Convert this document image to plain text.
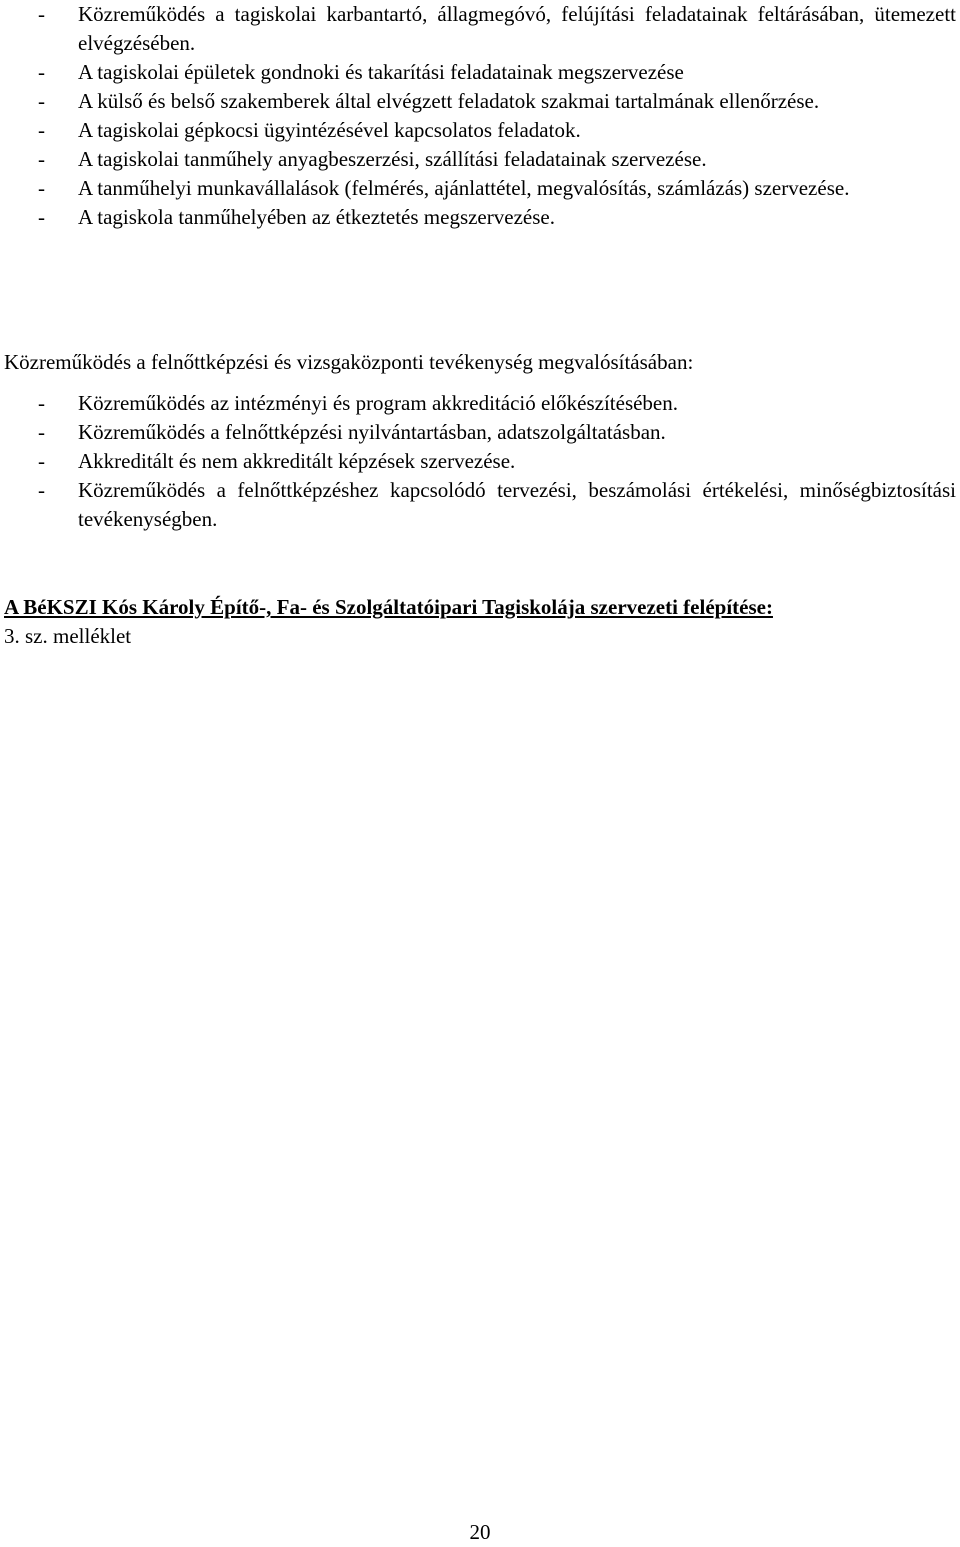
- Közreműködés a tagiskolai karbantartó, állagmegóvó, felújítási feladatainak feltárásában, ütemezett elvégzésében.
- A tagiskolai épületek gondnoki és takarítási feladatainak megszervezése
- A külső és belső szakemberek által elvégzett feladatok szakmai tartalmának ellenőrzése.
- A tagiskolai gépkocsi ügyintézésével kapcsolatos feladatok.
- A tagiskolai tanműhely anyagbeszerzési, szállítási feladatainak szervezése.
- A tanműhelyi munkavállalások (felmérés, ajánlattétel, megvalósítás, számlázás) szervezése.
- A tagiskola tanműhelyében az étkeztetés megszervezése.
Közreműködés a felnőttképzési és vizsgaközponti tevékenység megvalósításában:
- Közreműködés az intézményi és program akkreditáció előkészítésében.
- Közreműködés a felnőttképzési nyilvántartásban, adatszolgáltatásban.
- Akkreditált és nem akkreditált képzések szervezése.
- Közreműködés a felnőttképzéshez kapcsolódó tervezési, beszámolási értékelési, minőségbiztosítási tevékenységben.
A BéKSZI Kós Károly Építő-, Fa- és Szolgáltatóipari Tagiskolája szervezeti felépítése:
3. sz. melléklet
20
